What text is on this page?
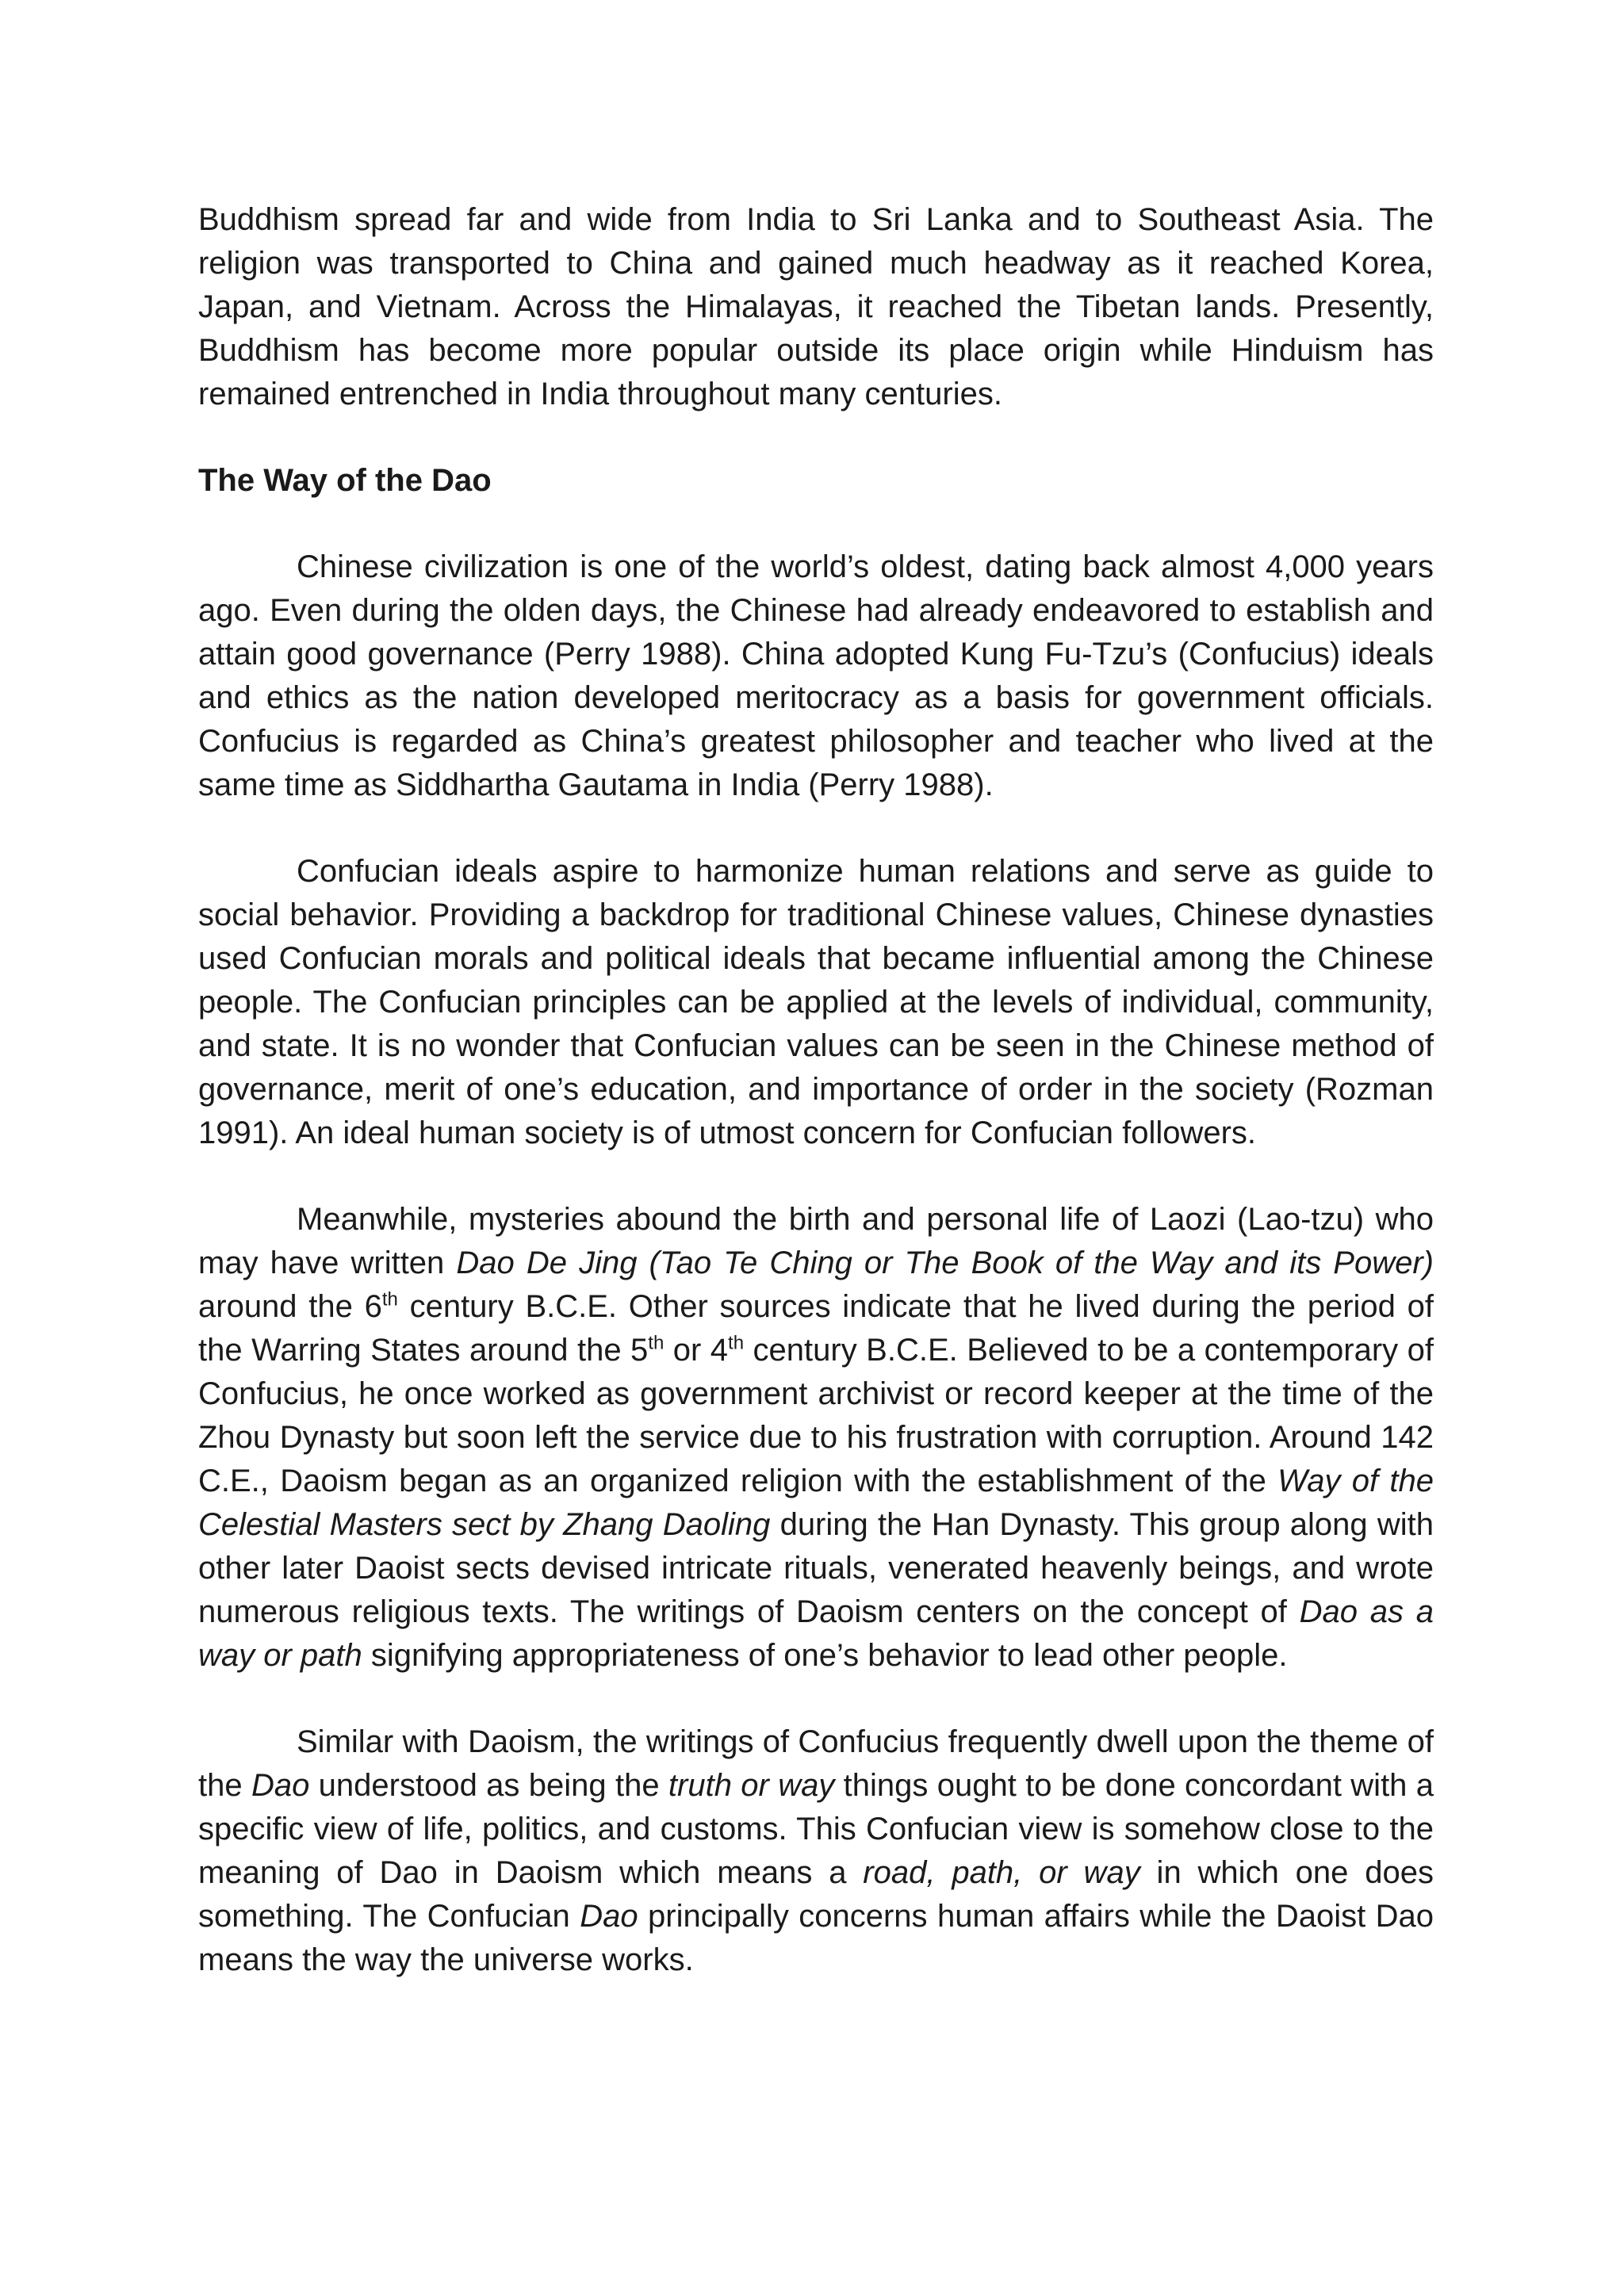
Buddhism spread far and wide from India to Sri Lanka and to Southeast Asia. The religion was transported to China and gained much headway as it reached Korea, Japan, and Vietnam. Across the Himalayas, it reached the Tibetan lands. Presently, Buddhism has become more popular outside its place origin while Hinduism has remained entrenched in India throughout many centuries.

The Way of the Dao

Chinese civilization is one of the world’s oldest, dating back almost 4,000 years ago. Even during the olden days, the Chinese had already endeavored to establish and attain good governance (Perry 1988). China adopted Kung Fu-Tzu’s (Confucius) ideals and ethics as the nation developed meritocracy as a basis for government officials. Confucius is regarded as China’s greatest philosopher and teacher who lived at the same time as Siddhartha Gautama in India (Perry 1988).

Confucian ideals aspire to harmonize human relations and serve as guide to social behavior. Providing a backdrop for traditional Chinese values, Chinese dynasties used Confucian morals and political ideals that became influential among the Chinese people. The Confucian principles can be applied at the levels of individual, community, and state. It is no wonder that Confucian values can be seen in the Chinese method of governance, merit of one’s education, and importance of order in the society (Rozman 1991). An ideal human society is of utmost concern for Confucian followers.

Meanwhile, mysteries abound the birth and personal life of Laozi (Lao-tzu) who may have written Dao De Jing (Tao Te Ching or The Book of the Way and its Power) around the 6th century B.C.E. Other sources indicate that he lived during the period of the Warring States around the 5th or 4th century B.C.E. Believed to be a contemporary of Confucius, he once worked as government archivist or record keeper at the time of the Zhou Dynasty but soon left the service due to his frustration with corruption. Around 142 C.E., Daoism began as an organized religion with the establishment of the Way of the Celestial Masters sect by Zhang Daoling during the Han Dynasty. This group along with other later Daoist sects devised intricate rituals, venerated heavenly beings, and wrote numerous religious texts. The writings of Daoism centers on the concept of Dao as a way or path signifying appropriateness of one’s behavior to lead other people.

Similar with Daoism, the writings of Confucius frequently dwell upon the theme of the Dao understood as being the truth or way things ought to be done concordant with a specific view of life, politics, and customs. This Confucian view is somehow close to the meaning of Dao in Daoism which means a road, path, or way in which one does something. The Confucian Dao principally concerns human affairs while the Daoist Dao means the way the universe works.
